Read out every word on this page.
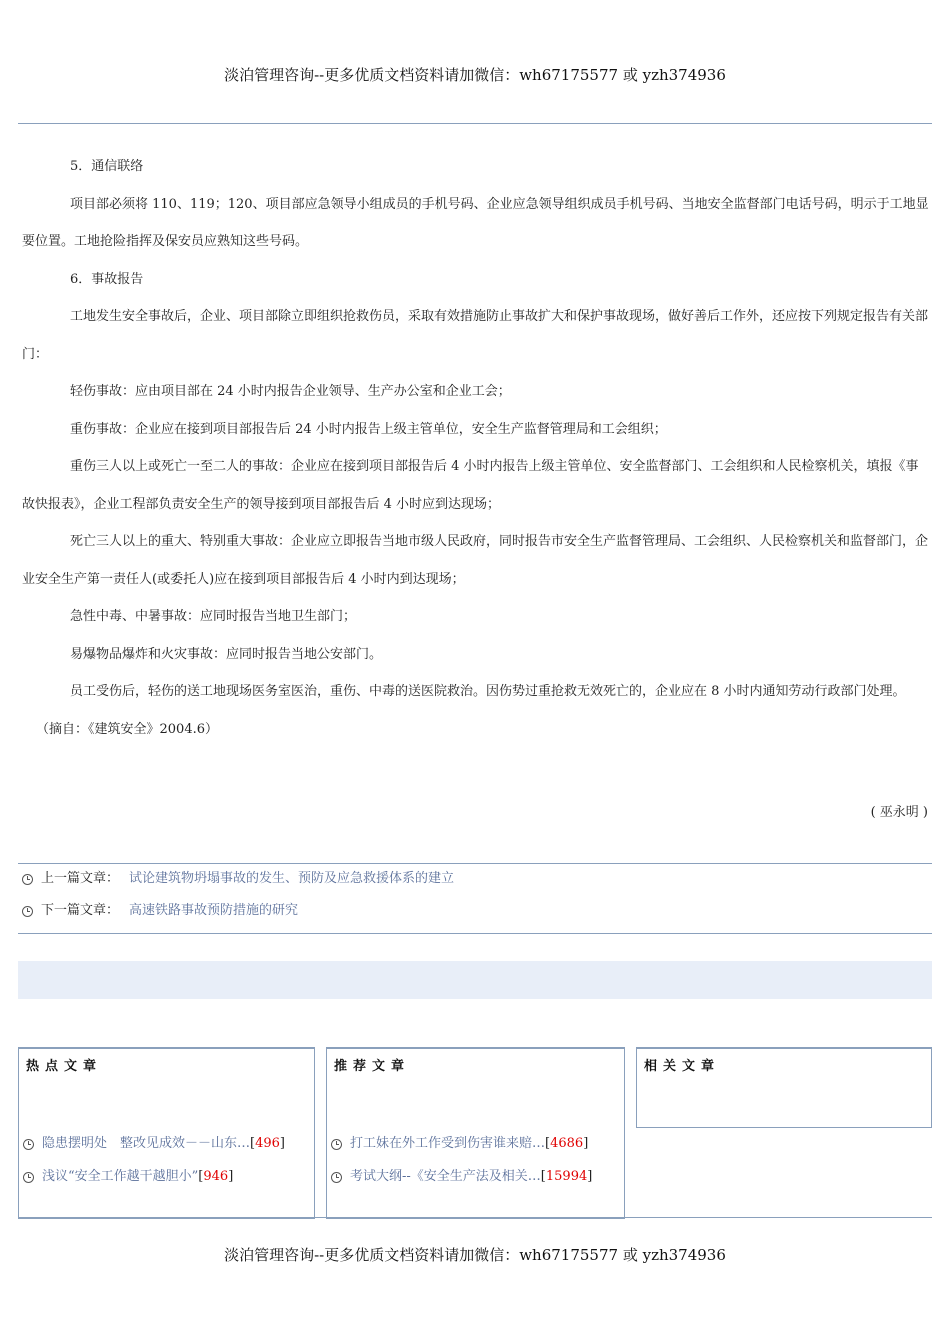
淡泊管理咨询--更多优质文档资料请加微信：wh67175577 或 yzh374936

5．通信联络

项目部必须将 110、119；120、项目部应急领导小组成员的手机号码、企业应急领导组织成员手机号码、当地安全监督部门电话号码，明示于工地显要位置。工地抢险指挥及保安员应熟知这些号码。

6．事故报告

工地发生安全事故后，企业、项目部除立即组织抢救伤员，采取有效措施防止事故扩大和保护事故现场，做好善后工作外，还应按下列规定报告有关部门：

轻伤事故：应由项目部在 24 小时内报告企业领导、生产办公室和企业工会；

重伤事故：企业应在接到项目部报告后 24 小时内报告上级主管单位，安全生产监督管理局和工会组织；

重伤三人以上或死亡一至二人的事故：企业应在接到项目部报告后 4 小时内报告上级主管单位、安全监督部门、工会组织和人民检察机关，填报《事故快报表》，企业工程部负责安全生产的领导接到项目部报告后 4 小时应到达现场；

死亡三人以上的重大、特别重大事故：企业应立即报告当地市级人民政府，同时报告市安全生产监督管理局、工会组织、人民检察机关和监督部门，企业安全生产第一责任人(或委托人)应在接到项目部报告后 4 小时内到达现场；

急性中毒、中暑事故：应同时报告当地卫生部门；

易爆物品爆炸和火灾事故：应同时报告当地公安部门。

员工受伤后，轻伤的送工地现场医务室医治，重伤、中毒的送医院救治。因伤势过重抢救无效死亡的，企业应在 8 小时内通知劳动行政部门处理。

（摘自：《建筑安全》2004.6）

( 巫永明 )
上一篇文章： 试论建筑物坍塌事故的发生、预防及应急救援体系的建立
下一篇文章： 高速铁路事故预防措施的研究
热点文章
隐患摆明处　整改见成效－－山东… [496]
浅议“安全工作越干越胆小” [946]
推荐文章
打工妹在外工作受到伤害谁来赔… [4686]
考试大纲--《安全生产法及相关… [15994]
相关文章
淡泊管理咨询--更多优质文档资料请加微信：wh67175577 或 yzh374936
